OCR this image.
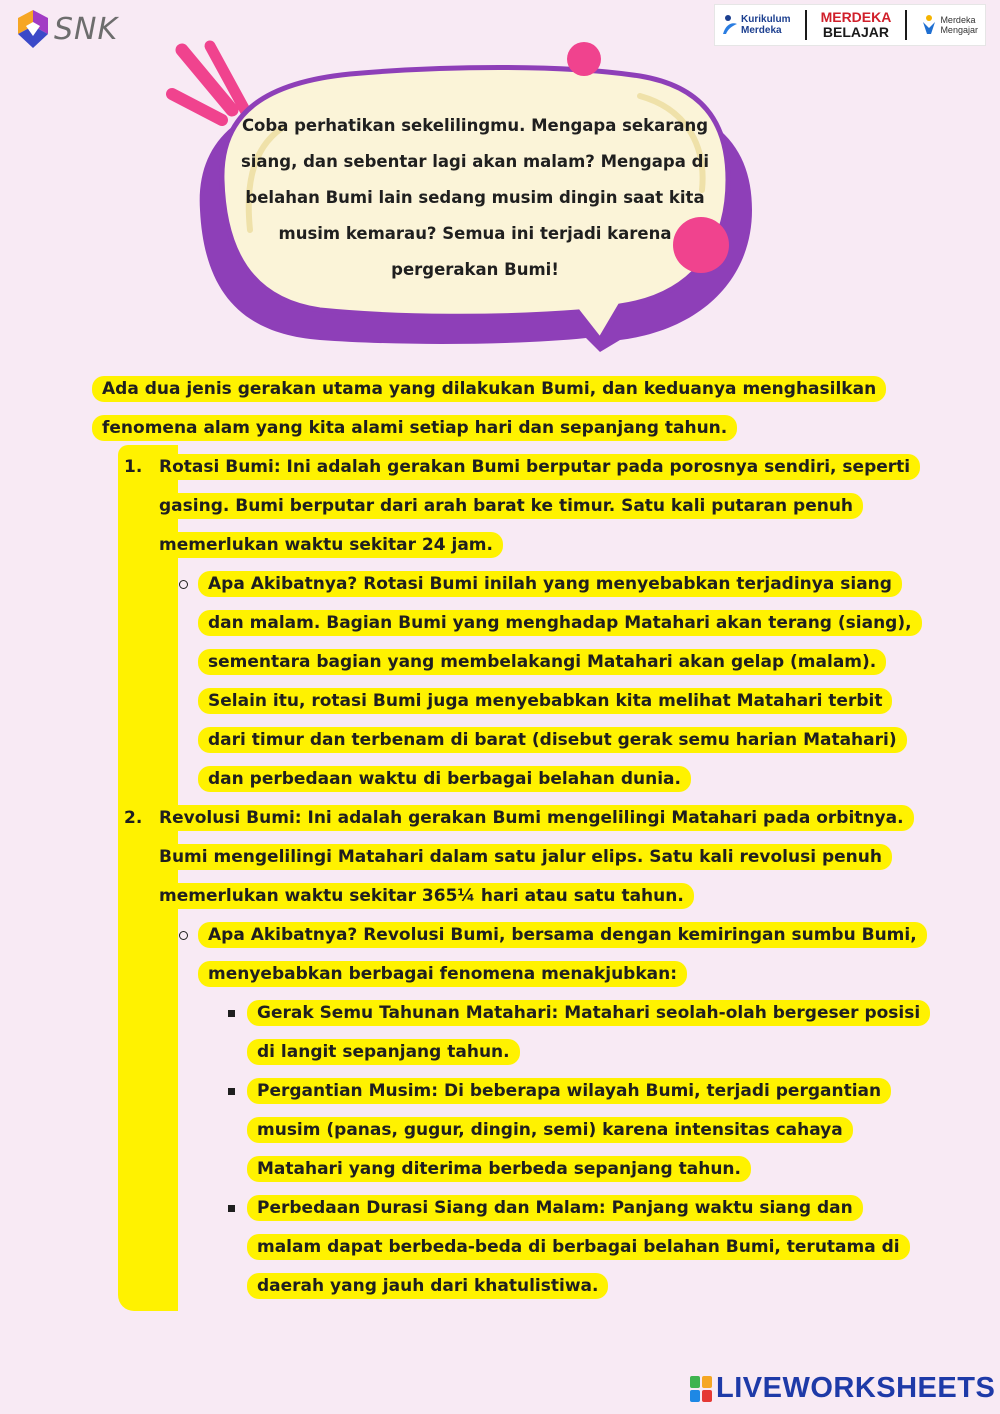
SNK	Kurikulum
Merdeka
MERDEKA
BELAJAR
Merdeka
Mengajar
Coba perhatikan sekelilingmu. Mengapa sekarang siang, dan sebentar lagi akan malam? Mengapa di belahan Bumi lain sedang musim dingin saat kita musim kemarau? Semua ini terjadi karena pergerakan Bumi!

Ada dua jenis gerakan utama yang dilakukan Bumi, dan keduanya menghasilkan fenomena alam yang kita alami setiap hari dan sepanjang tahun.

1. Rotasi Bumi: Ini adalah gerakan Bumi berputar pada porosnya sendiri, seperti gasing. Bumi berputar dari arah barat ke timur. Satu kali putaran penuh memerlukan waktu sekitar 24 jam.
Apa Akibatnya? Rotasi Bumi inilah yang menyebabkan terjadinya siang dan malam. Bagian Bumi yang menghadap Matahari akan terang (siang), sementara bagian yang membelakangi Matahari akan gelap (malam). Selain itu, rotasi Bumi juga menyebabkan kita melihat Matahari terbit dari timur dan terbenam di barat (disebut gerak semu harian Matahari) dan perbedaan waktu di berbagai belahan dunia.
2. Revolusi Bumi: Ini adalah gerakan Bumi mengelilingi Matahari pada orbitnya. Bumi mengelilingi Matahari dalam satu jalur elips. Satu kali revolusi penuh memerlukan waktu sekitar 365¼ hari atau satu tahun.
Apa Akibatnya? Revolusi Bumi, bersama dengan kemiringan sumbu Bumi, menyebabkan berbagai fenomena menakjubkan:
Gerak Semu Tahunan Matahari: Matahari seolah-olah bergeser posisi di langit sepanjang tahun.
Pergantian Musim: Di beberapa wilayah Bumi, terjadi pergantian musim (panas, gugur, dingin, semi) karena intensitas cahaya Matahari yang diterima berbeda sepanjang tahun.
Perbedaan Durasi Siang dan Malam: Panjang waktu siang dan malam dapat berbeda-beda di berbagai belahan Bumi, terutama di daerah yang jauh dari khatulistiwa.
LIVEWORKSHEETS
